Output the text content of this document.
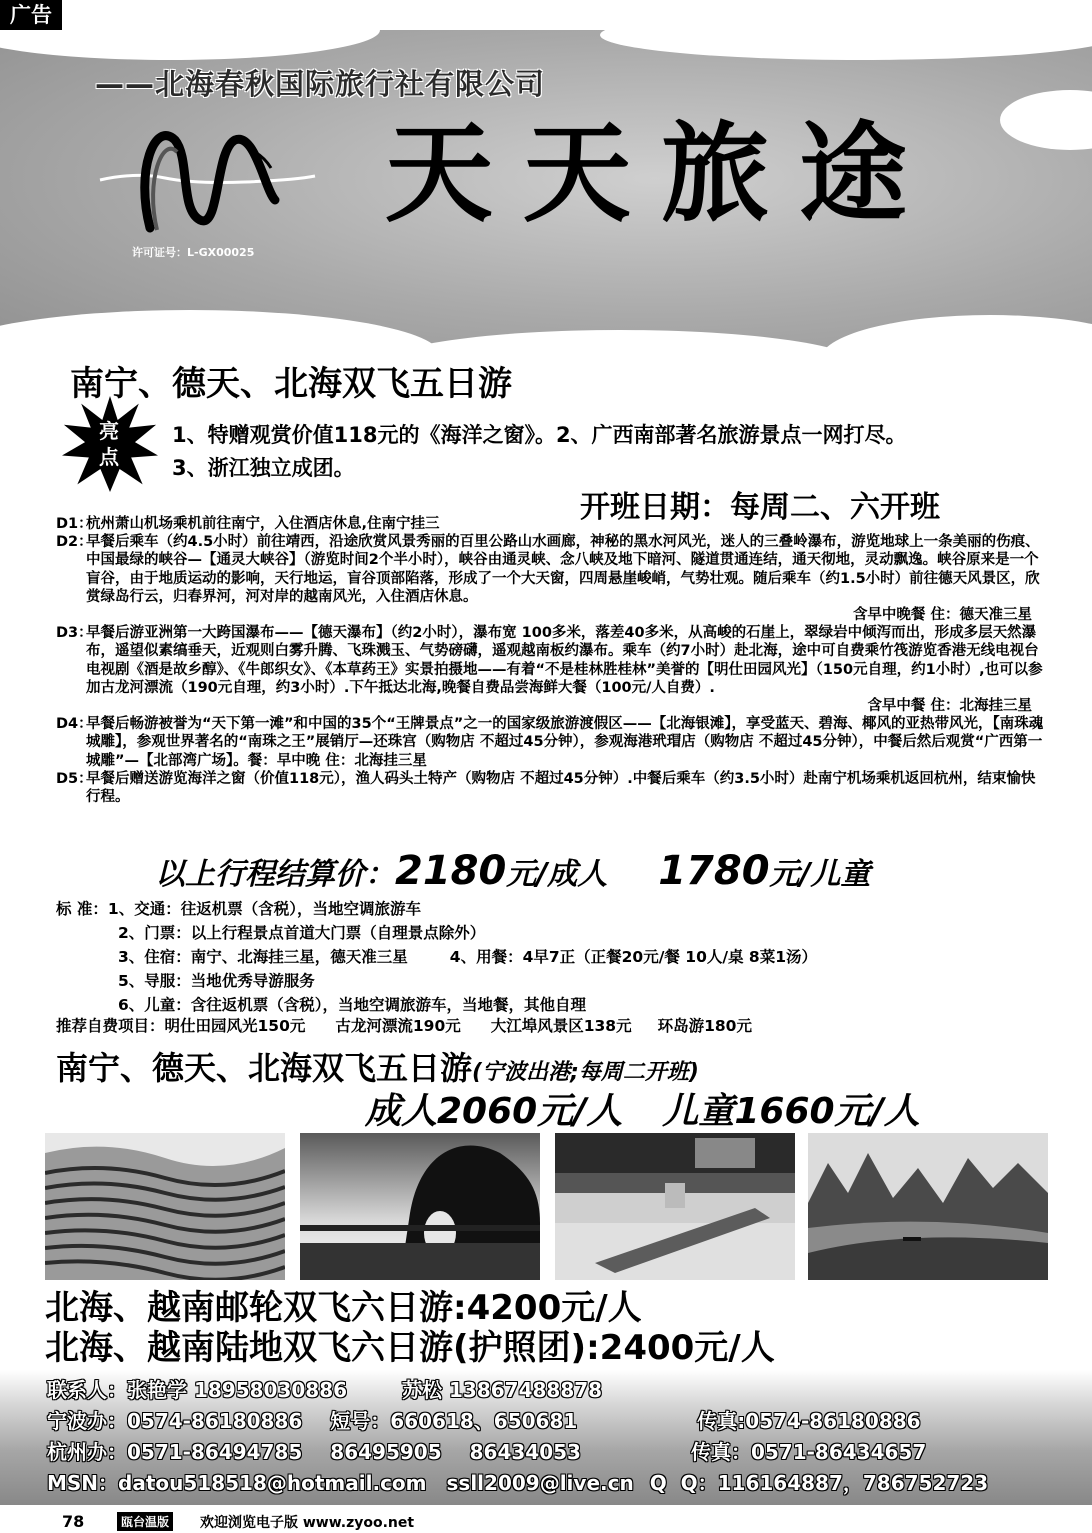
广告
——北海春秋国际旅行社有限公司
许可证号：L-GX00025
天天旅途
南宁、德天、北海双飞五日游
亮点
1、特赠观赏价值118元的《海洋之窗》。2、广西南部著名旅游景点一网打尽。
3、浙江独立成团。
开班日期：每周二、六开班
D1：
杭州萧山机场乘机前往南宁，入住酒店休息,住南宁挂三
D2：
早餐后乘车（约4.5小时）前往靖西，沿途欣赏风景秀丽的百里公路山水画廊，神秘的黑水河风光，迷人的三叠岭瀑布，游览地球上一条美丽的伤痕、中国最绿的峡谷—【通灵大峡谷】（游览时间2个半小时），峡谷由通灵峡、念八峡及地下暗河、隧道贯通连结，通天彻地，灵动飘逸。峡谷原来是一个盲谷，由于地质运动的影响，天行地运，盲谷顶部陷落，形成了一个大天窗，四周悬崖峻峭，气势壮观。随后乘车（约1.5小时）前往德天风景区，欣赏绿岛行云，归春界河，河对岸的越南风光，入住酒店休息。
含早中晚餐 住：德天准三星
D3：
早餐后游亚洲第一大跨国瀑布——【德天瀑布】（约2小时），瀑布宽 100多米，落差40多米，从高峻的石崖上，翠绿岩中倾泻而出，形成多层天然瀑布，遥望似素缟垂天，近观则白雾升腾、飞珠溅玉、气势磅礴，遥观越南板约瀑布。乘车（约7小时）赴北海，途中可自费乘竹筏游览香港无线电视台电视剧《酒是故乡醇》、《牛郎织女》、《本草药王》实景拍摄地——有着“不是桂林胜桂林”美誉的【明仕田园风光】（150元自理，约1小时）,也可以参加古龙河漂流（190元自理，约3小时）.下午抵达北海,晚餐自费品尝海鲜大餐（100元/人自费）.
含早中餐 住：北海挂三星
D4：
早餐后畅游被誉为“天下第一滩”和中国的35个“王牌景点”之一的国家级旅游渡假区——【北海银滩】，享受蓝天、碧海、椰风的亚热带风光，【南珠魂城雕】，参观世界著名的“南珠之王”展销厅—还珠宫（购物店 不超过45分钟），参观海港玳瑁店（购物店 不超过45分钟），中餐后然后观赏“广西第一城雕”—【北部湾广场】。餐：早中晚 住：北海挂三星
D5：
早餐后赠送游览海洋之窗（价值118元），渔人码头土特产（购物店 不超过45分钟）.中餐后乘车（约3.5小时）赴南宁机场乘机返回杭州，结束愉快行程。
以上行程结算价：2180元/成人 1780元/儿童
标 准：1、交通：往返机票（含税），当地空调旅游车
2、门票：以上行程景点首道大门票（自理景点除外）
3、住宿：南宁、北海挂三星，德天准三星	4、用餐：4早7正（正餐20元/餐 10人/桌 8菜1汤）
5、导服：当地优秀导游服务
6、儿童：含往返机票（含税），当地空调旅游车，当地餐，其他自理
推荐自费项目：明仕田园风光150元 古龙河漂流190元 大江埠风景区138元 环岛游180元
南宁、德天、北海双飞五日游(宁波出港;每周二开班)
成人2060元/人 儿童1660元/人
北海、越南邮轮双飞六日游:4200元/人
北海、越南陆地双飞六日游(护照团):2400元/人
联系人：张艳学 18958030886	苏松 13867488878
宁波办：0574-86180886 短号：660618、650681	传真:0574-86180886
杭州办：0571-86494785 86495905 86434053	传真：0571-86434657
MSN：datou518518@hotmail.com ssll2009@live.cn Q  Q：116164887，786752723
78	瓯台温版 欢迎浏览电子版 www.zyoo.net
